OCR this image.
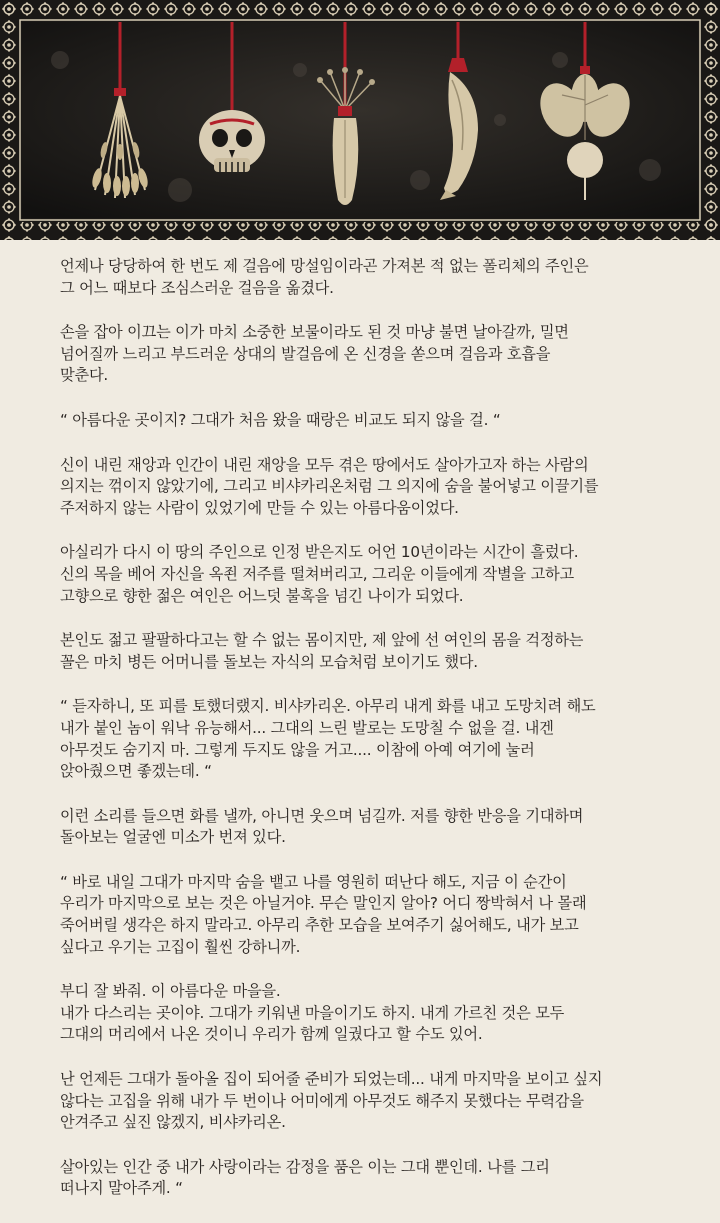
언제나 당당하여 한 번도 제 걸음에 망설임이라곤 가져본 적 없는 폴리체의 주인은
그 어느 때보다 조심스러운 걸음을 옮겼다.

손을 잡아 이끄는 이가 마치 소중한 보물이라도 된 것 마냥 불면 날아갈까, 밀면
넘어질까 느리고 부드러운 상대의 발걸음에 온 신경을 쏟으며 걸음과 호흡을
맞춘다.

“ 아름다운 곳이지? 그대가 처음 왔을 때랑은 비교도 되지 않을 걸. “

신이 내린 재앙과 인간이 내린 재앙을 모두 겪은 땅에서도 살아가고자 하는 사람의
의지는 꺾이지 않았기에, 그리고 비샤카리온처럼 그 의지에 숨을 불어넣고 이끌기를
주저하지 않는 사람이 있었기에 만들 수 있는 아름다움이었다.

아실리가 다시 이 땅의 주인으로 인정 받은지도 어언 10년이라는 시간이 흘렀다.
신의 목을 베어 자신을 옥죈 저주를 떨쳐버리고, 그리운 이들에게 작별을 고하고
고향으로 향한 젊은 여인은 어느덧 불혹을 넘긴 나이가 되었다.

본인도 젊고 팔팔하다고는 할 수 없는 몸이지만, 제 앞에 선 여인의 몸을 걱정하는
꼴은 마치 병든 어머니를 돌보는 자식의 모습처럼 보이기도 했다.

“ 듣자하니, 또 피를 토했더랬지. 비샤카리온. 아무리 내게 화를 내고 도망치려 해도
내가 붙인 놈이 워낙 유능해서... 그대의 느린 발로는 도망칠 수 없을 걸. 내겐
아무것도 숨기지 마. 그렇게 두지도 않을 거고.... 이참에 아예 여기에 눌러
앉아줬으면 좋겠는데. “

이런 소리를 들으면 화를 낼까, 아니면 웃으며 넘길까. 저를 향한 반응을 기대하며
돌아보는 얼굴엔 미소가 번져 있다.

“ 바로 내일 그대가 마지막 숨을 뱉고 나를 영원히 떠난다 해도, 지금 이 순간이
우리가 마지막으로 보는 것은 아닐거야. 무슨 말인지 알아? 어디 짱박혀서 나 몰래
죽어버릴 생각은 하지 말라고. 아무리 추한 모습을 보여주기 싫어해도, 내가 보고
싶다고 우기는 고집이 훨씬 강하니까.

부디 잘 봐줘. 이 아름다운 마을을.
내가 다스리는 곳이야. 그대가 키워낸 마을이기도 하지. 내게 가르친 것은 모두
그대의 머리에서 나온 것이니 우리가 함께 일궜다고 할 수도 있어.

난 언제든 그대가 돌아올 집이 되어줄 준비가 되었는데... 내게 마지막을 보이고 싶지
않다는 고집을 위해 내가 두 번이나 어미에게 아무것도 해주지 못했다는 무력감을
안겨주고 싶진 않겠지, 비샤카리온.

살아있는 인간 중 내가 사랑이라는 감정을 품은 이는 그대 뿐인데. 나를 그리
떠나지 말아주게. “
